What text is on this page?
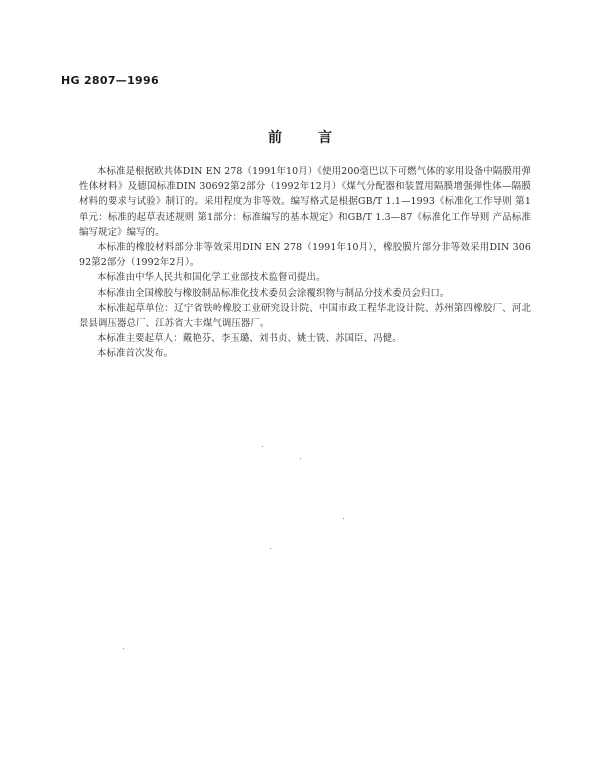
HG 2807—1996
前言

本标准是根据欧共体DIN EN 278（1991年10月）《使用200毫巴以下可燃气体的家用设备中隔膜用弹性体材料》及德国标准DIN 30692第2部分（1992年12月）《煤气分配器和装置用隔膜增强弹性体—隔膜材料的要求与试验》制订的。采用程度为非等效。编写格式是根据GB/T 1.1—1993《标准化工作导则 第1单元：标准的起草表述规则 第1部分：标准编写的基本规定》和GB/T 1.3—87《标准化工作导则 产品标准编写规定》编写的。

本标准的橡胶材料部分非等效采用DIN EN 278（1991年10月），橡胶膜片部分非等效采用DIN 30692第2部分（1992年2月）。

本标准由中华人民共和国化学工业部技术监督司提出。

本标准由全国橡胶与橡胶制品标准化技术委员会涂覆织物与制品分技术委员会归口。

本标准起草单位：辽宁省铁岭橡胶工业研究设计院、中国市政工程华北设计院、苏州第四橡胶厂、河北景县调压器总厂、江苏省大丰煤气调压器厂。

本标准主要起草人：戴艳芬、李玉璐、刘书贞、姚士铣、苏国臣、冯健。

本标准首次发布。
